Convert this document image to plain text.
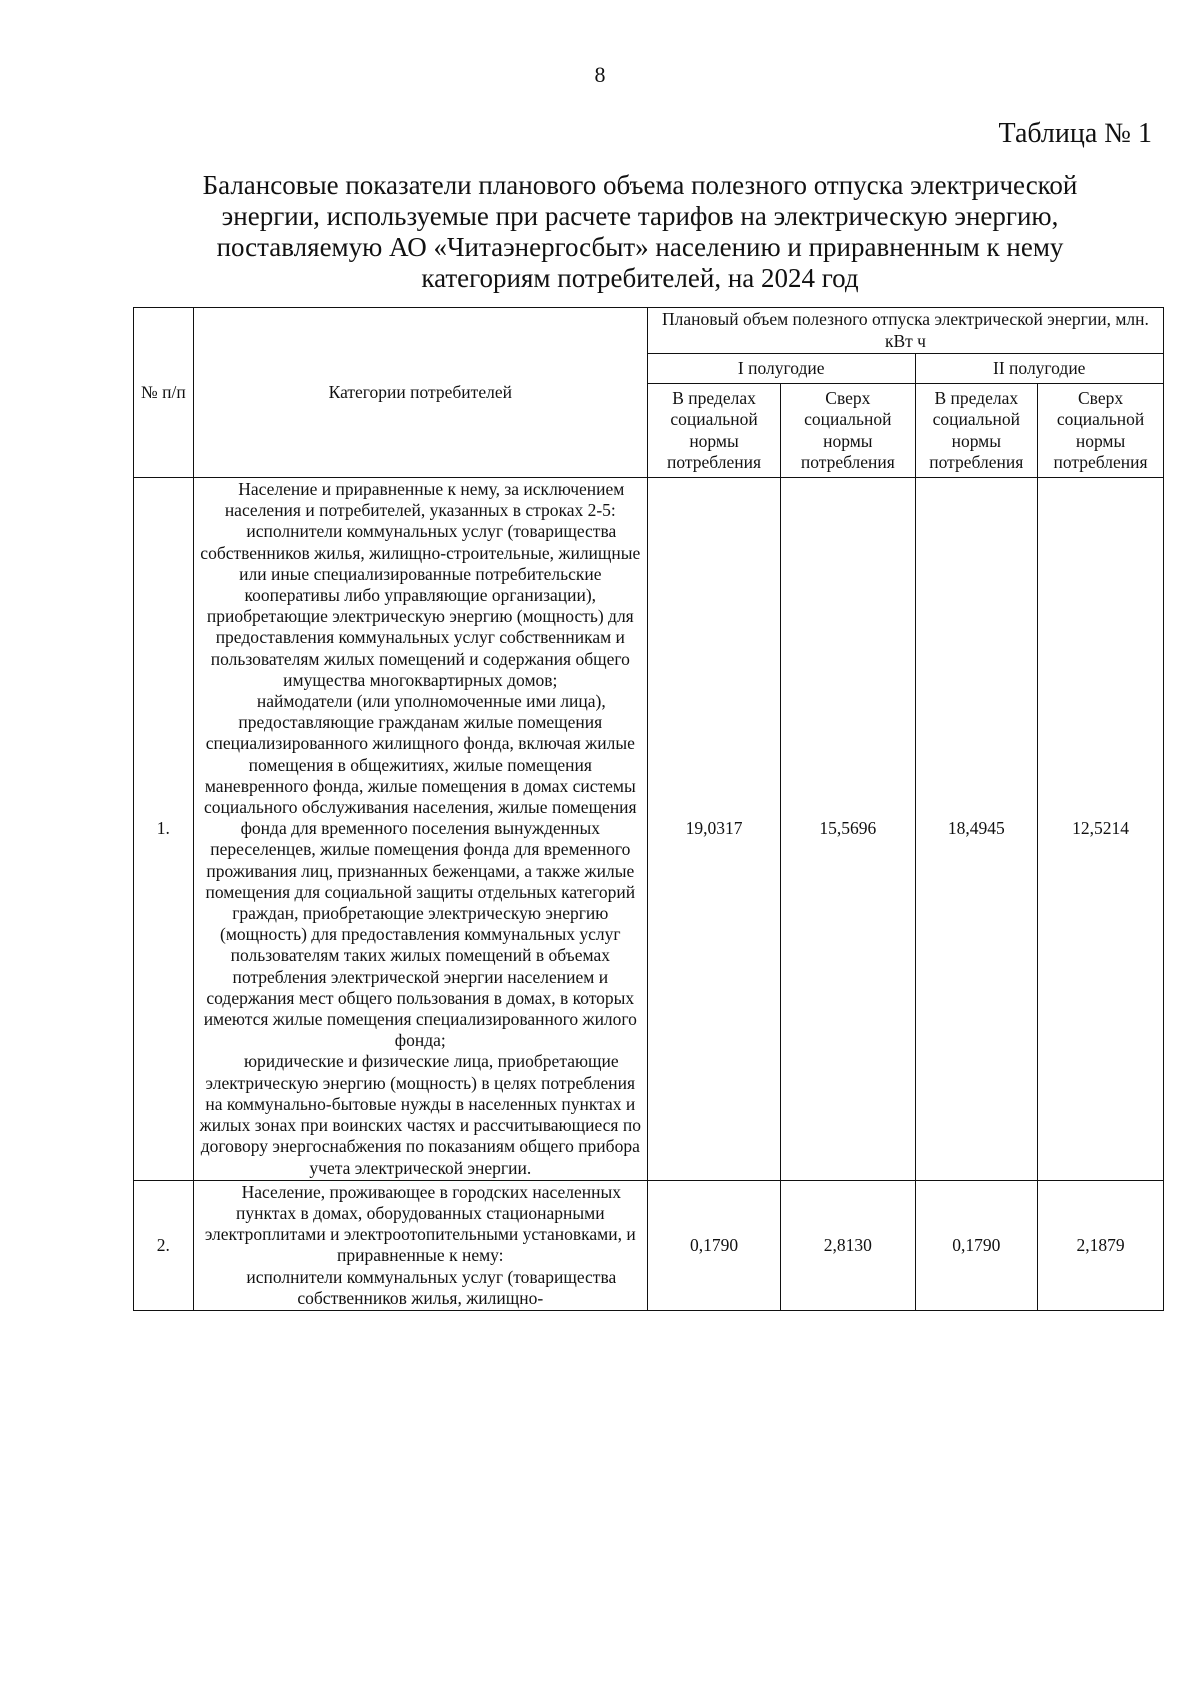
8
Таблица № 1
Балансовые показатели планового объема полезного отпуска электрической
энергии, используемые при расчете тарифов на электрическую энергию,
поставляемую АО «Читаэнергосбыт» населению и приравненным к нему
категориям потребителей, на 2024 год
№ п/п	Категории потребителей	Плановый объем полезного отпуска электрической энергии, млн. кВт ч			
		I полугодие		II полугодие	
		В пределах социальной нормы потребления	Сверх социальной нормы потребления	В пределах социальной нормы потребления	Сверх социальной нормы потребления
1.	Население и приравненные к нему, за исключением населения и потребителей, указанных в строках 2-5:

исполнители коммунальных услуг (товарищества собственников жилья, жилищно-строительные, жилищные или иные специализированные потребительские кооперативы либо управляющие организации), приобретающие электрическую энергию (мощность) для предоставления коммунальных услуг собственникам и пользователям жилых помещений и содержания общего имущества многоквартирных домов;

наймодатели (или уполномоченные ими лица), предоставляющие гражданам жилые помещения специализированного жилищного фонда, включая жилые помещения в общежитиях, жилые помещения маневренного фонда, жилые помещения в домах системы социального обслуживания населения, жилые помещения фонда для временного поселения вынужденных переселенцев, жилые помещения фонда для временного проживания лиц, признанных беженцами, а также жилые помещения для социальной защиты отдельных категорий граждан, приобретающие электрическую энергию (мощность) для предоставления коммунальных услуг пользователям таких жилых помещений в объемах потребления электрической энергии населением и содержания мест общего пользования в домах, в которых имеются жилые помещения специализированного жилого фонда;

юридические и физические лица, приобретающие электрическую энергию (мощность) в целях потребления на коммунально-бытовые нужды в населенных пунктах и жилых зонах при воинских частях и рассчитывающиеся по договору энергоснабжения по показаниям общего прибора учета электрической энергии.	19,0317	15,5696	18,4945	12,5214
2.	Население, проживающее в городских населенных пунктах в домах, оборудованных стационарными электроплитами и электроотопительными установками, и приравненные к нему:

исполнители коммунальных услуг (товарищества собственников жилья, жилищно-	0,1790	2,8130	0,1790	2,1879
